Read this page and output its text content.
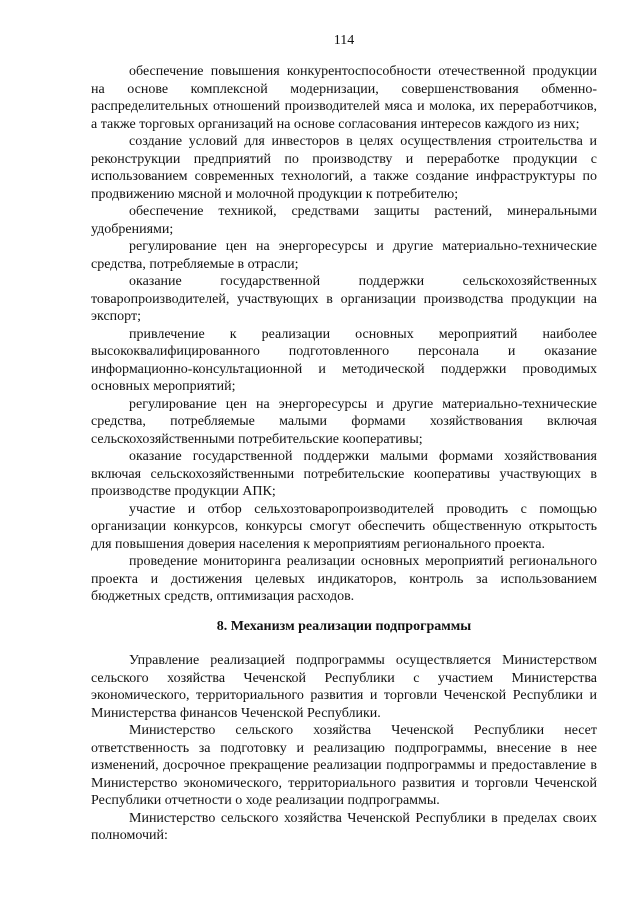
114

обеспечение повышения конкурентоспособности отечественной продукции на основе комплексной модернизации, совершенствования обменно-распределительных отношений производителей мяса и молока, их переработчиков, а также торговых организаций на основе согласования интересов каждого из них;

создание условий для инвесторов в целях осуществления строительства и реконструкции предприятий по производству и переработке продукции с использованием современных технологий, а также создание инфраструктуры по продвижению мясной и молочной продукции к потребителю;

обеспечение техникой, средствами защиты растений, минеральными удобрениями;

регулирование цен на энергоресурсы и другие материально-технические средства, потребляемые в отрасли;

оказание государственной поддержки сельскохозяйственных товаропроизводителей, участвующих в организации производства продукции на экспорт;

привлечение к реализации основных мероприятий наиболее высококвалифицированного подготовленного персонала и оказание информационно-консультационной и методической поддержки проводимых основных мероприятий;

регулирование цен на энергоресурсы и другие материально-технические средства, потребляемые малыми формами хозяйствования включая сельскохозяйственными потребительские кооперативы;

оказание государственной поддержки малыми формами хозяйствования включая сельскохозяйственными потребительские кооперативы участвующих в производстве продукции АПК;

участие и отбор сельхозтоваропроизводителей проводить с помощью организации конкурсов, конкурсы смогут обеспечить общественную открытость для повышения доверия населения к мероприятиям регионального проекта.

проведение мониторинга реализации основных мероприятий регионального проекта и достижения целевых индикаторов, контроль за использованием бюджетных средств, оптимизация расходов.

8. Механизм реализации подпрограммы

Управление реализацией подпрограммы осуществляется Министерством сельского хозяйства Чеченской Республики с участием Министерства экономического, территориального развития и торговли Чеченской Республики и Министерства финансов Чеченской Республики.

Министерство сельского хозяйства Чеченской Республики несет ответственность за подготовку и реализацию подпрограммы, внесение в нее изменений, досрочное прекращение реализации подпрограммы и предоставление в Министерство экономического, территориального развития и торговли Чеченской Республики отчетности о ходе реализации подпрограммы.

Министерство сельского хозяйства Чеченской Республики в пределах своих полномочий:
